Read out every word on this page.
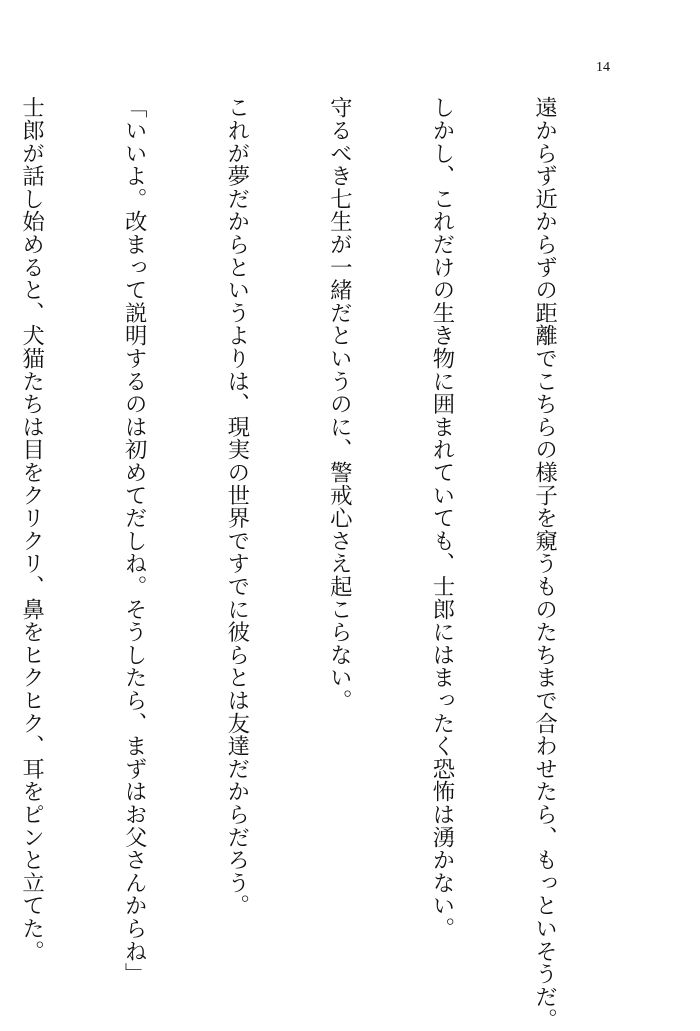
14

遠からず近からずの距離でこちらの様子を窺うものたちまで合わせたら、もっといそうだ。

しかし、これだけの生き物に囲まれていても、士郎にはまったく恐怖は湧かない。

守るべき七生が一緒だというのに、警戒心さえ起こらない。

これが夢だからというよりは、現実の世界ですでに彼らとは友達だからだろう。

「いいよ。改まって説明するのは初めてだしね。そうしたら、まずはお父さんからね」

士郎が話し始めると、犬猫たちは目をクリクリ、鼻をヒクヒク、耳をピンと立てた。
